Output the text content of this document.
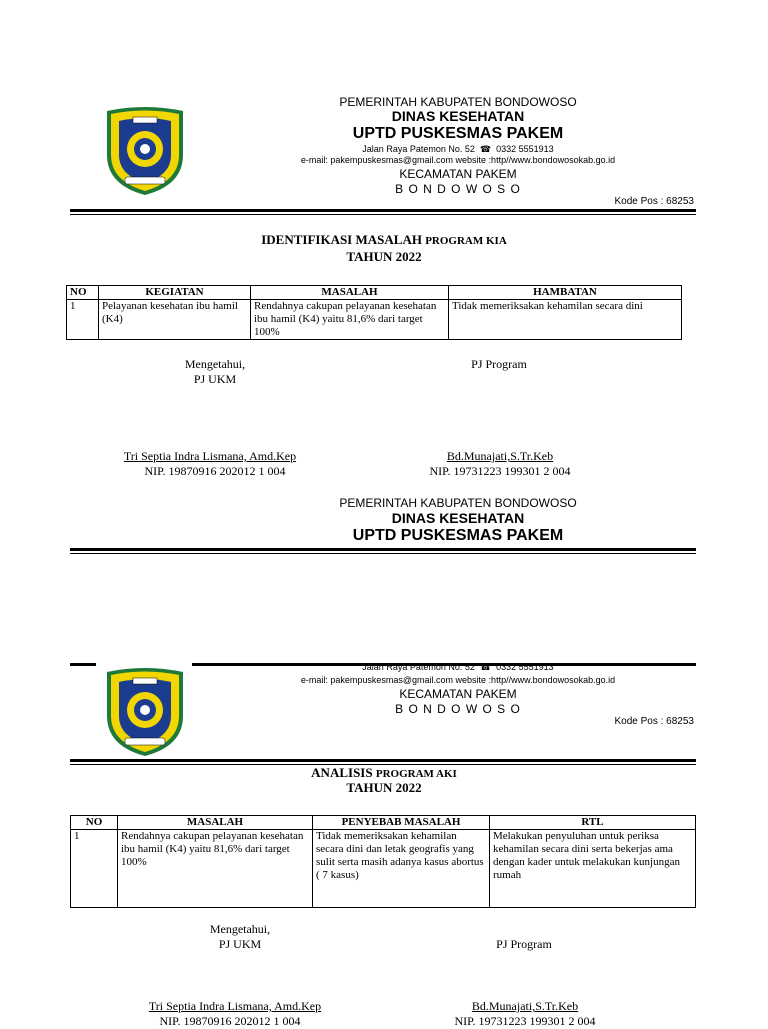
PEMERINTAH KABUPATEN BONDOWOSO
DINAS KESEHATAN
UPTD PUSKESMAS PAKEM
Jalan Raya Patemon No. 52  ☎  0332 5551913
e-mail: pakempuskesmas@gmail.com website :http//www.bondowosokab.go.id
KECAMATAN PAKEM
B O N D O W O S O
Kode Pos : 68253
IDENTIFIKASI MASALAH PROGRAM KIA
TAHUN 2022
NO	KEGIATAN	MASALAH	HAMBATAN
1	Pelayanan kesehatan ibu hamil (K4)	Rendahnya cakupan pelayanan kesehatan ibu hamil (K4) yaitu 81,6% dari target 100%	Tidak memeriksakan kehamilan secara dini
Mengetahui,
PJ UKM
PJ Program
Tri Septia Indra Lismana, Amd.Kep
NIP. 19870916 202012 1 004
Bd.Munajati,S.Tr.Keb
NIP. 19731223 199301 2 004
PEMERINTAH KABUPATEN BONDOWOSO
DINAS KESEHATAN
UPTD PUSKESMAS PAKEM
Jalan Raya Patemon No. 52  ☎  0332 5551913
e-mail: pakempuskesmas@gmail.com website :http//www.bondowosokab.go.id
KECAMATAN PAKEM
B O N D O W O S O
Kode Pos : 68253
ANALISIS PROGRAM AKI
TAHUN 2022
NO	MASALAH	PENYEBAB MASALAH	RTL
1	Rendahnya cakupan pelayanan kesehatan ibu hamil (K4) yaitu 81,6% dari target 100%	Tidak memeriksakan kehamilan secara dini dan letak geografis yang sulit serta masih adanya kasus abortus ( 7 kasus)	Melakukan penyuluhan untuk periksa kehamilan secara dini serta bekerjas ama dengan kader untuk melakukan kunjungan rumah
Mengetahui,
PJ UKM	PJ Program
Tri Septia Indra Lismana, Amd.Kep
NIP. 19870916 202012 1 004
Bd.Munajati,S.Tr.Keb
NIP. 19731223 199301 2 004
